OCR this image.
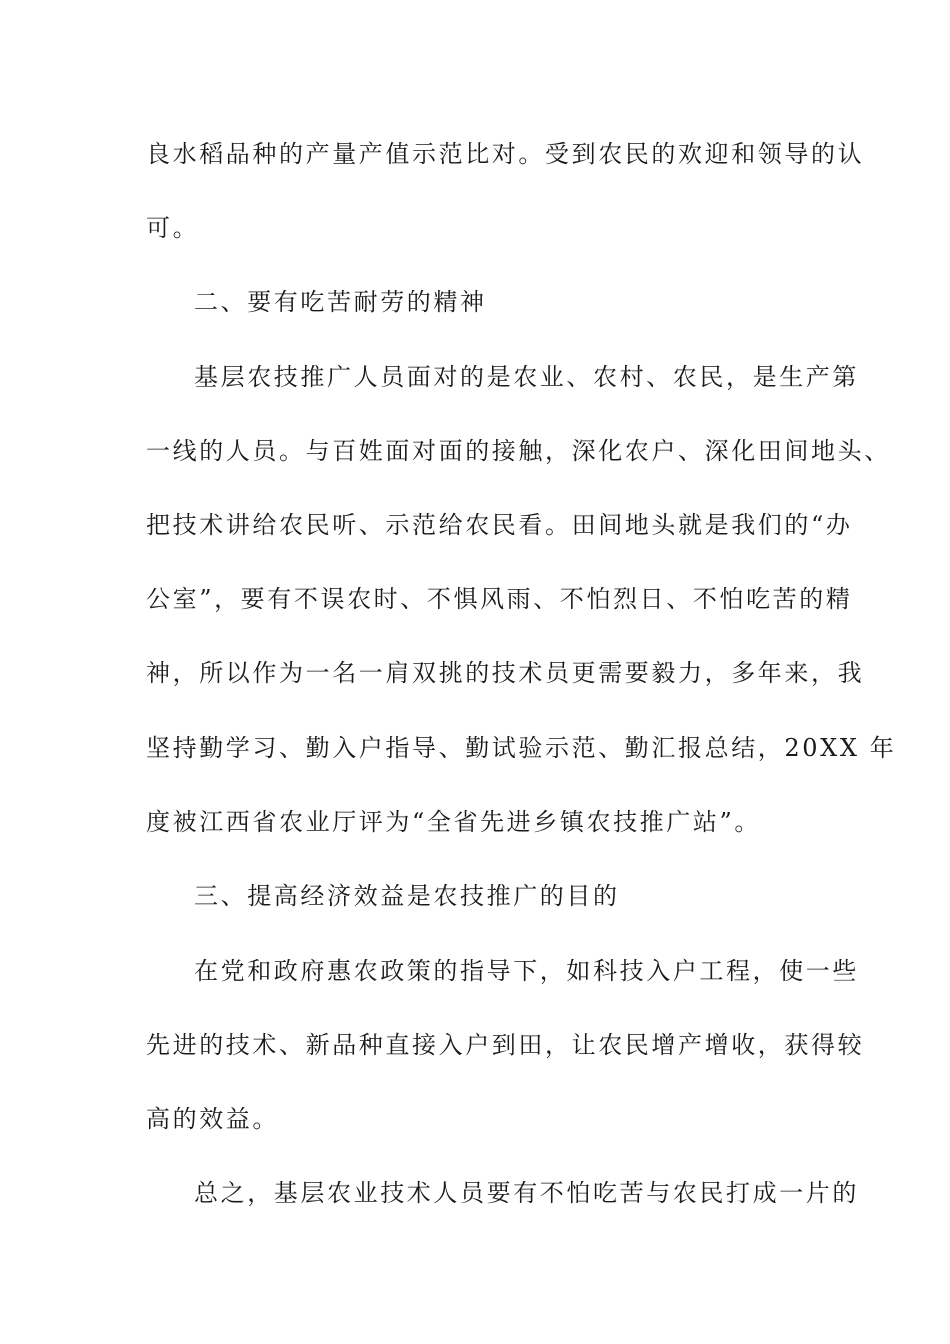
良水稻品种的产量产值示范比对。受到农民的欢迎和领导的认
可。
二、要有吃苦耐劳的精神
基层农技推广人员面对的是农业、农村、农民，是生产第
一线的人员。与百姓面对面的接触，深化农户、深化田间地头、
把技术讲给农民听、示范给农民看。田间地头就是我们的“办
公室”，要有不误农时、不惧风雨、不怕烈日、不怕吃苦的精
神，所以作为一名一肩双挑的技术员更需要毅力，多年来，我
坚持勤学习、勤入户指导、勤试验示范、勤汇报总结，20XX 年
度被江西省农业厅评为“全省先进乡镇农技推广站”。
三、提高经济效益是农技推广的目的
在党和政府惠农政策的指导下，如科技入户工程，使一些
先进的技术、新品种直接入户到田，让农民增产增收，获得较
高的效益。
总之，基层农业技术人员要有不怕吃苦与农民打成一片的
